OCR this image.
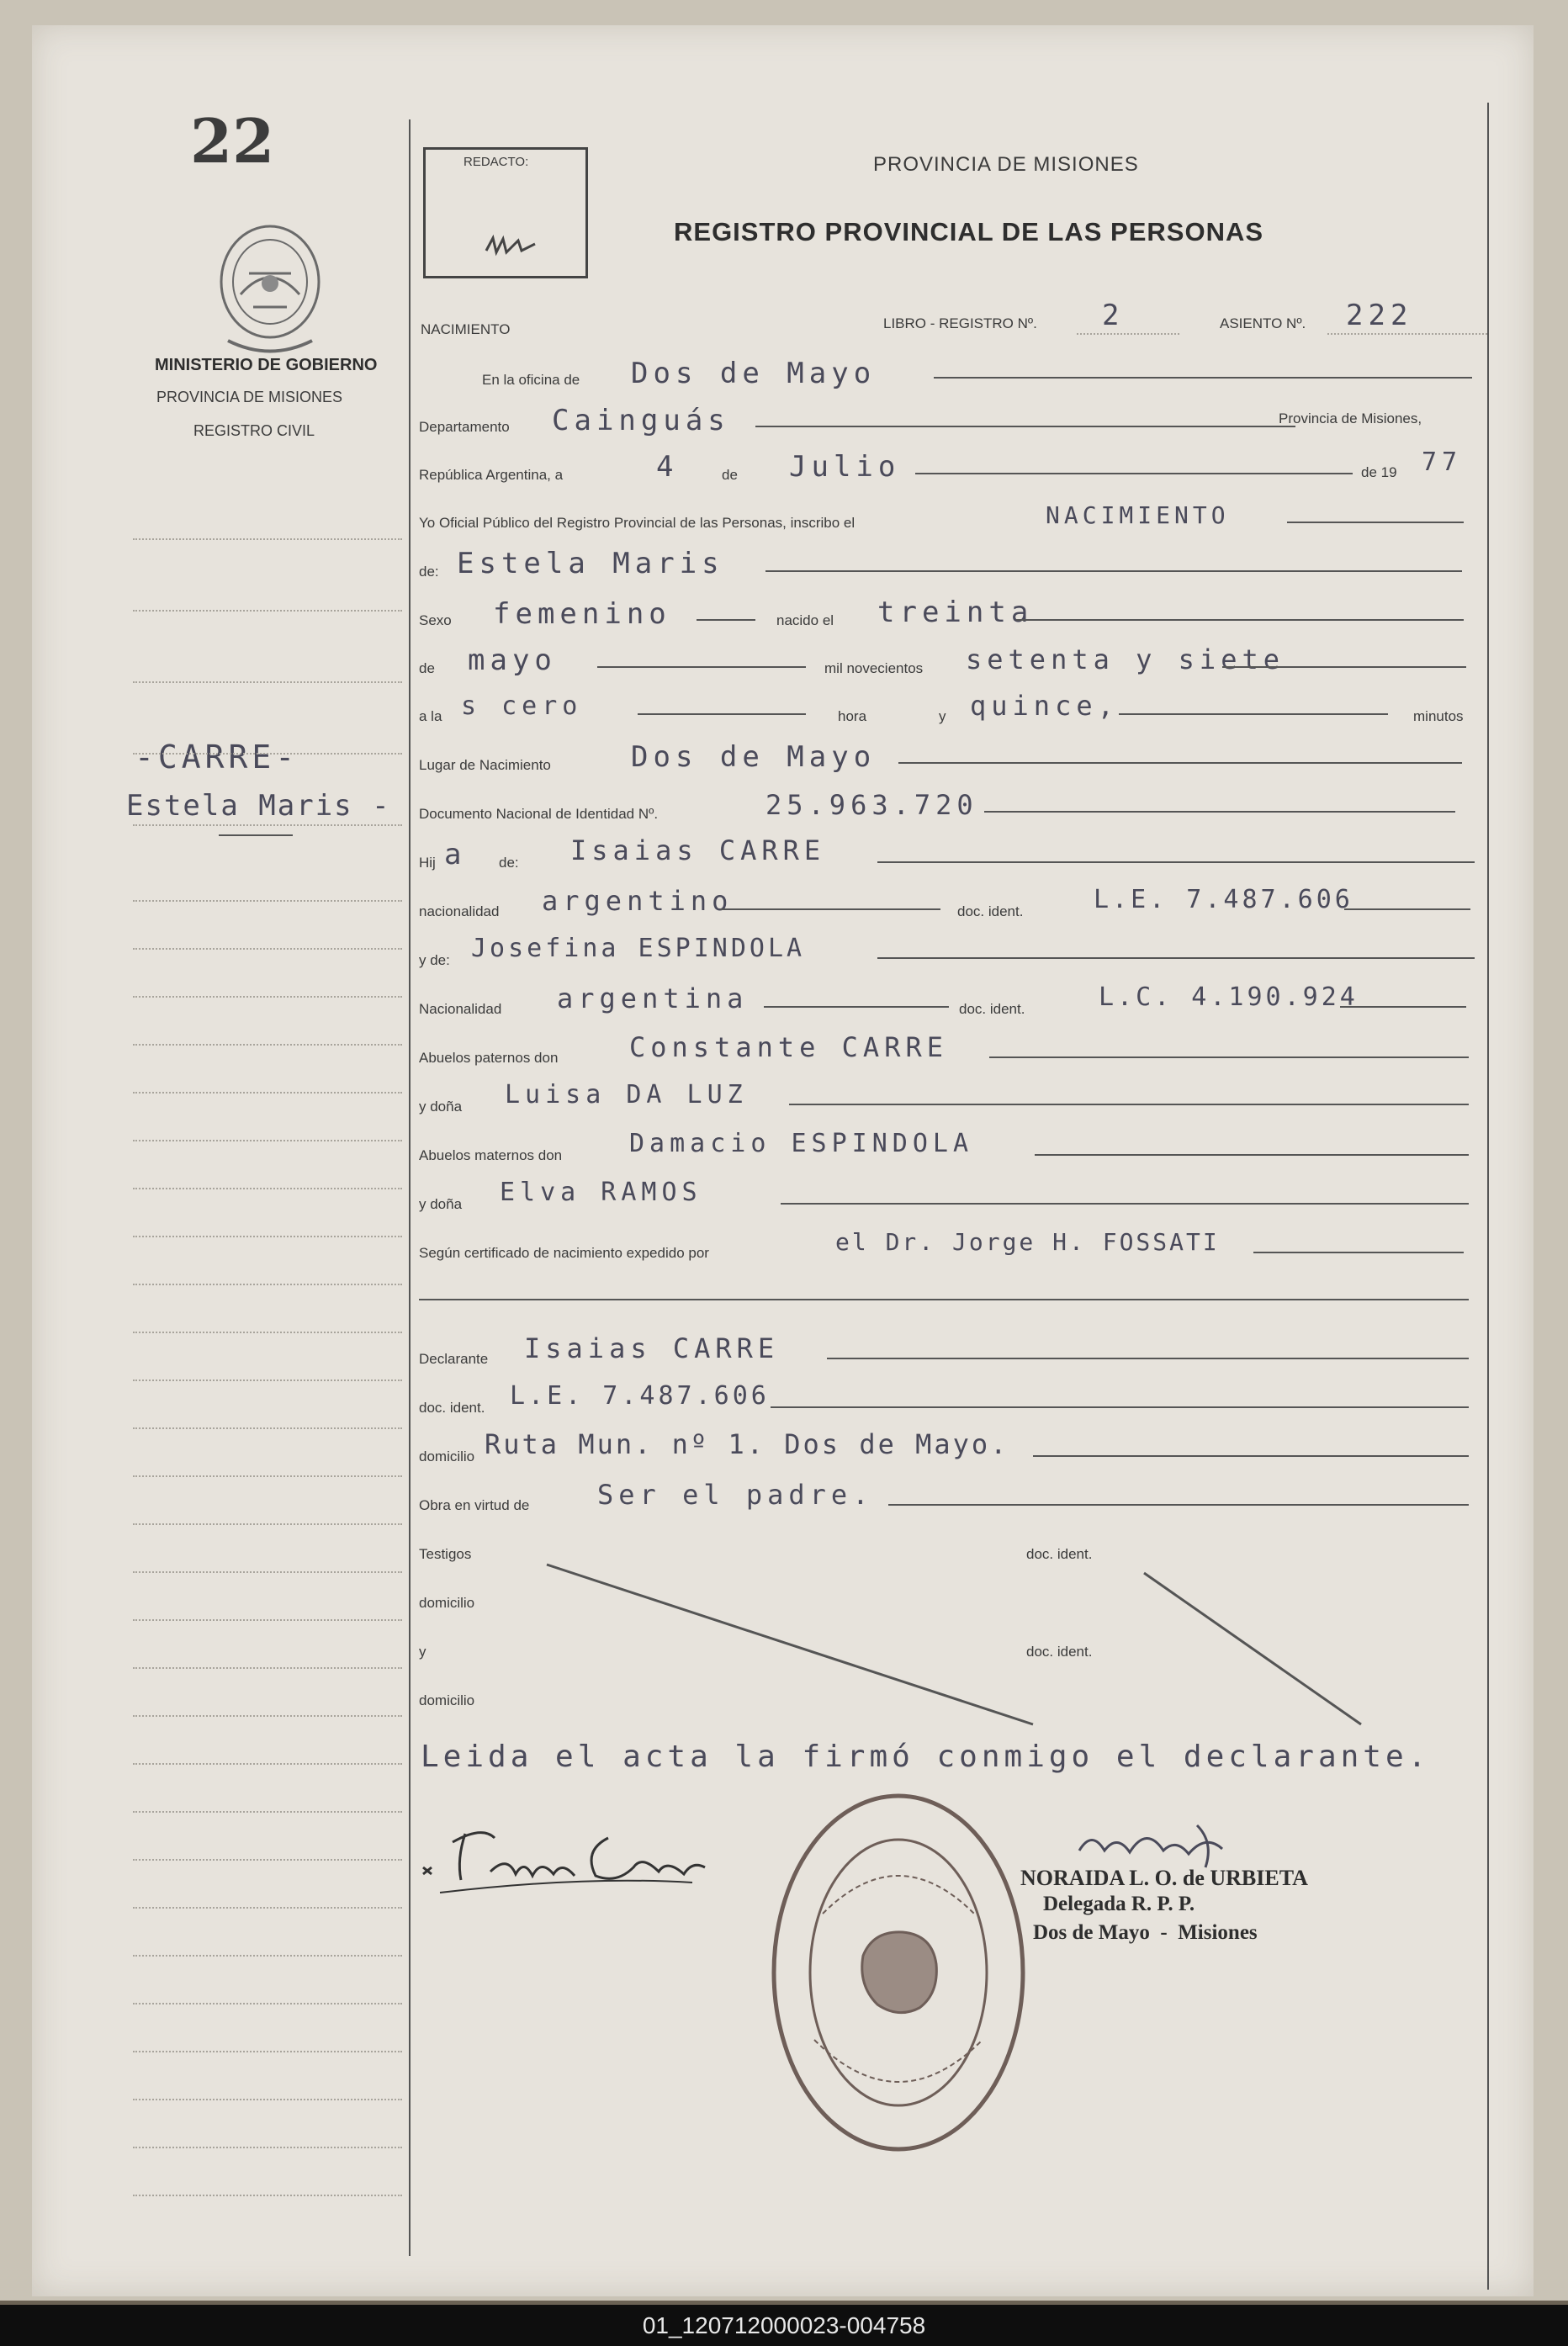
22
MINISTERIO DE GOBIERNO
PROVINCIA DE MISIONES
REGISTRO CIVIL
-CARRE-
Estela Maris -
REDACTO:	PROVINCIA DE MISIONES
REGISTRO PROVINCIAL DE LAS PERSONAS
NACIMIENTO	LIBRO - REGISTRO Nº. 2	ASIENTO Nº. 222
En la oficina de Dos de Mayo
Departamento Cainguás	Provincia de Misiones,
República Argentina, a	4	de Julio	de 19 77
Yo Oficial Público del Registro Provincial de las Personas, inscribo el	NACIMIENTO
de: Estela Maris
Sexo femenino	nacido el treinta
de mayo	mil novecientos setenta y siete
a la s cero	hora	y quince,	minutos
Lugar de Nacimiento	Dos de Mayo
Documento Nacional de Identidad Nº.	25.963.720
Hij a de: Isaias CARRE
nacionalidad argentino	doc. ident.	L.E. 7.487.606
y de: Josefina ESPINDOLA
Nacionalidad argentina	doc. ident.	L.C. 4.190.924
Abuelos paternos don	Constante CARRE
y doña Luisa DA LUZ
Abuelos maternos don	Damacio ESPINDOLA
y doña Elva RAMOS
Según certificado de nacimiento expedido por	el Dr. Jorge H. FOSSATI
Declarante Isaias CARRE
doc. ident. L.E. 7.487.606
domicilio Ruta Mun. nº 1. Dos de Mayo.
Obra en virtud de	Ser el padre.
Testigos	doc. ident.
domicilio
y	doc. ident.
domicilio
Leida el acta la firmó conmigo el declarante.
NORAIDA L. O. de URBIETA
Delegada R. P. P.
Dos de Mayo  -  Misiones
01_120712000023-004758
